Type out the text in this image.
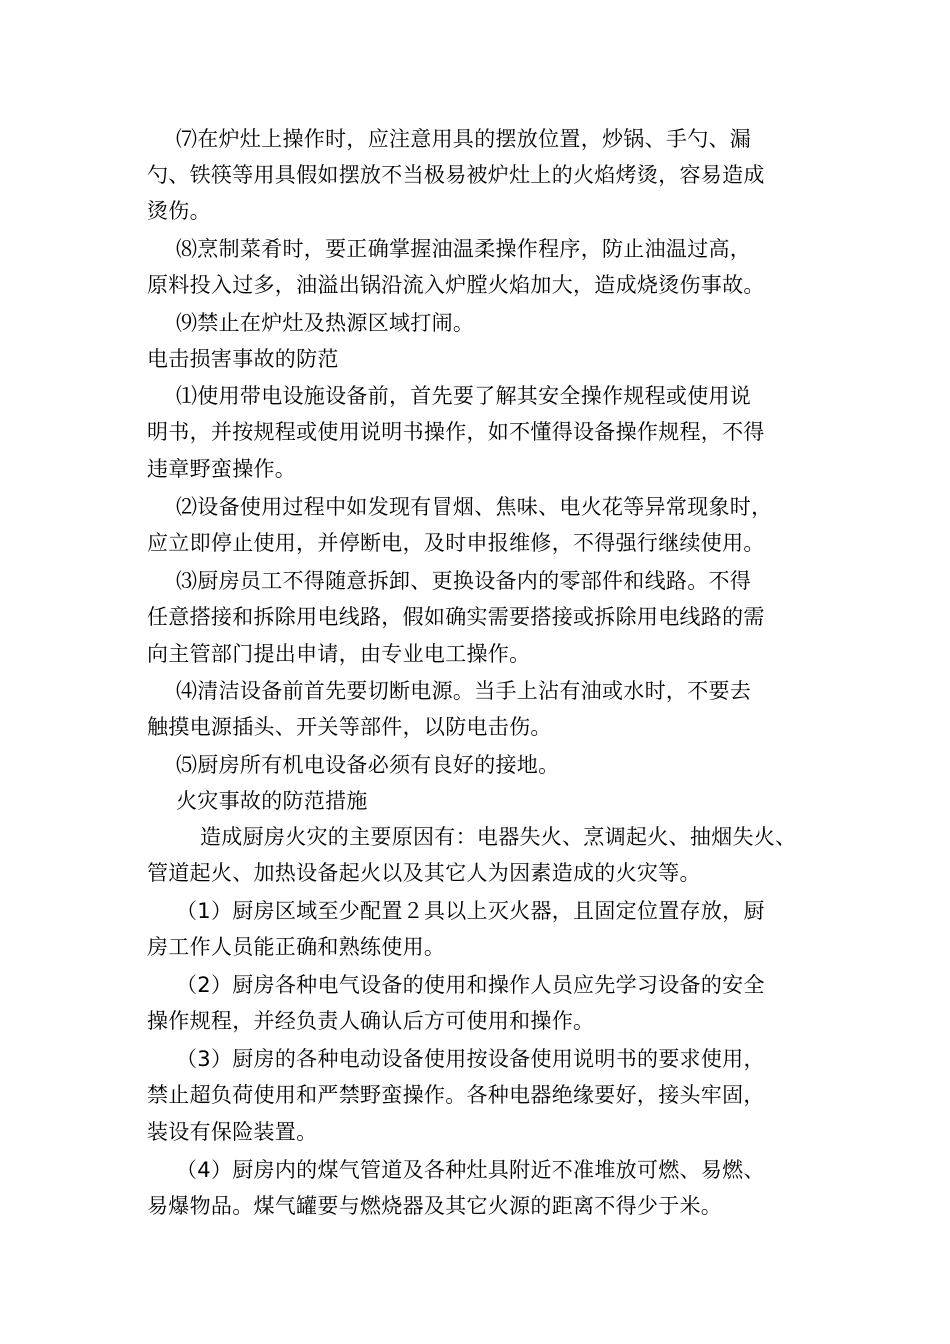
⑺在炉灶上操作时，应注意用具的摆放位置，炒锅、手勺、漏
勺、铁筷等用具假如摆放不当极易被炉灶上的火焰烤烫，容易造成
烫伤。
⑻烹制菜肴时，要正确掌握油温柔操作程序，防止油温过高，
原料投入过多，油溢出锅沿流入炉膛火焰加大，造成烧烫伤事故。
⑼禁止在炉灶及热源区域打闹。
电击损害事故的防范
⑴使用带电设施设备前，首先要了解其安全操作规程或使用说
明书，并按规程或使用说明书操作，如不懂得设备操作规程，不得
违章野蛮操作。
⑵设备使用过程中如发现有冒烟、焦味、电火花等异常现象时，
应立即停止使用，并停断电，及时申报维修，不得强行继续使用。
⑶厨房员工不得随意拆卸、更换设备内的零部件和线路。不得
任意搭接和拆除用电线路，假如确实需要搭接或拆除用电线路的需
向主管部门提出申请，由专业电工操作。
⑷清洁设备前首先要切断电源。当手上沾有油或水时，不要去
触摸电源插头、开关等部件，以防电击伤。
⑸厨房所有机电设备必须有良好的接地。
火灾事故的防范措施
造成厨房火灾的主要原因有：电器失火、烹调起火、抽烟失火、
管道起火、加热设备起火以及其它人为因素造成的火灾等。
（1）厨房区域至少配置２具以上灭火器，且固定位置存放，厨
房工作人员能正确和熟练使用。
（2）厨房各种电气设备的使用和操作人员应先学习设备的安全
操作规程，并经负责人确认后方可使用和操作。
（3）厨房的各种电动设备使用按设备使用说明书的要求使用，
禁止超负荷使用和严禁野蛮操作。各种电器绝缘要好，接头牢固，
装设有保险装置。
（4）厨房内的煤气管道及各种灶具附近不准堆放可燃、易燃、
易爆物品。煤气罐要与燃烧器及其它火源的距离不得少于米。
